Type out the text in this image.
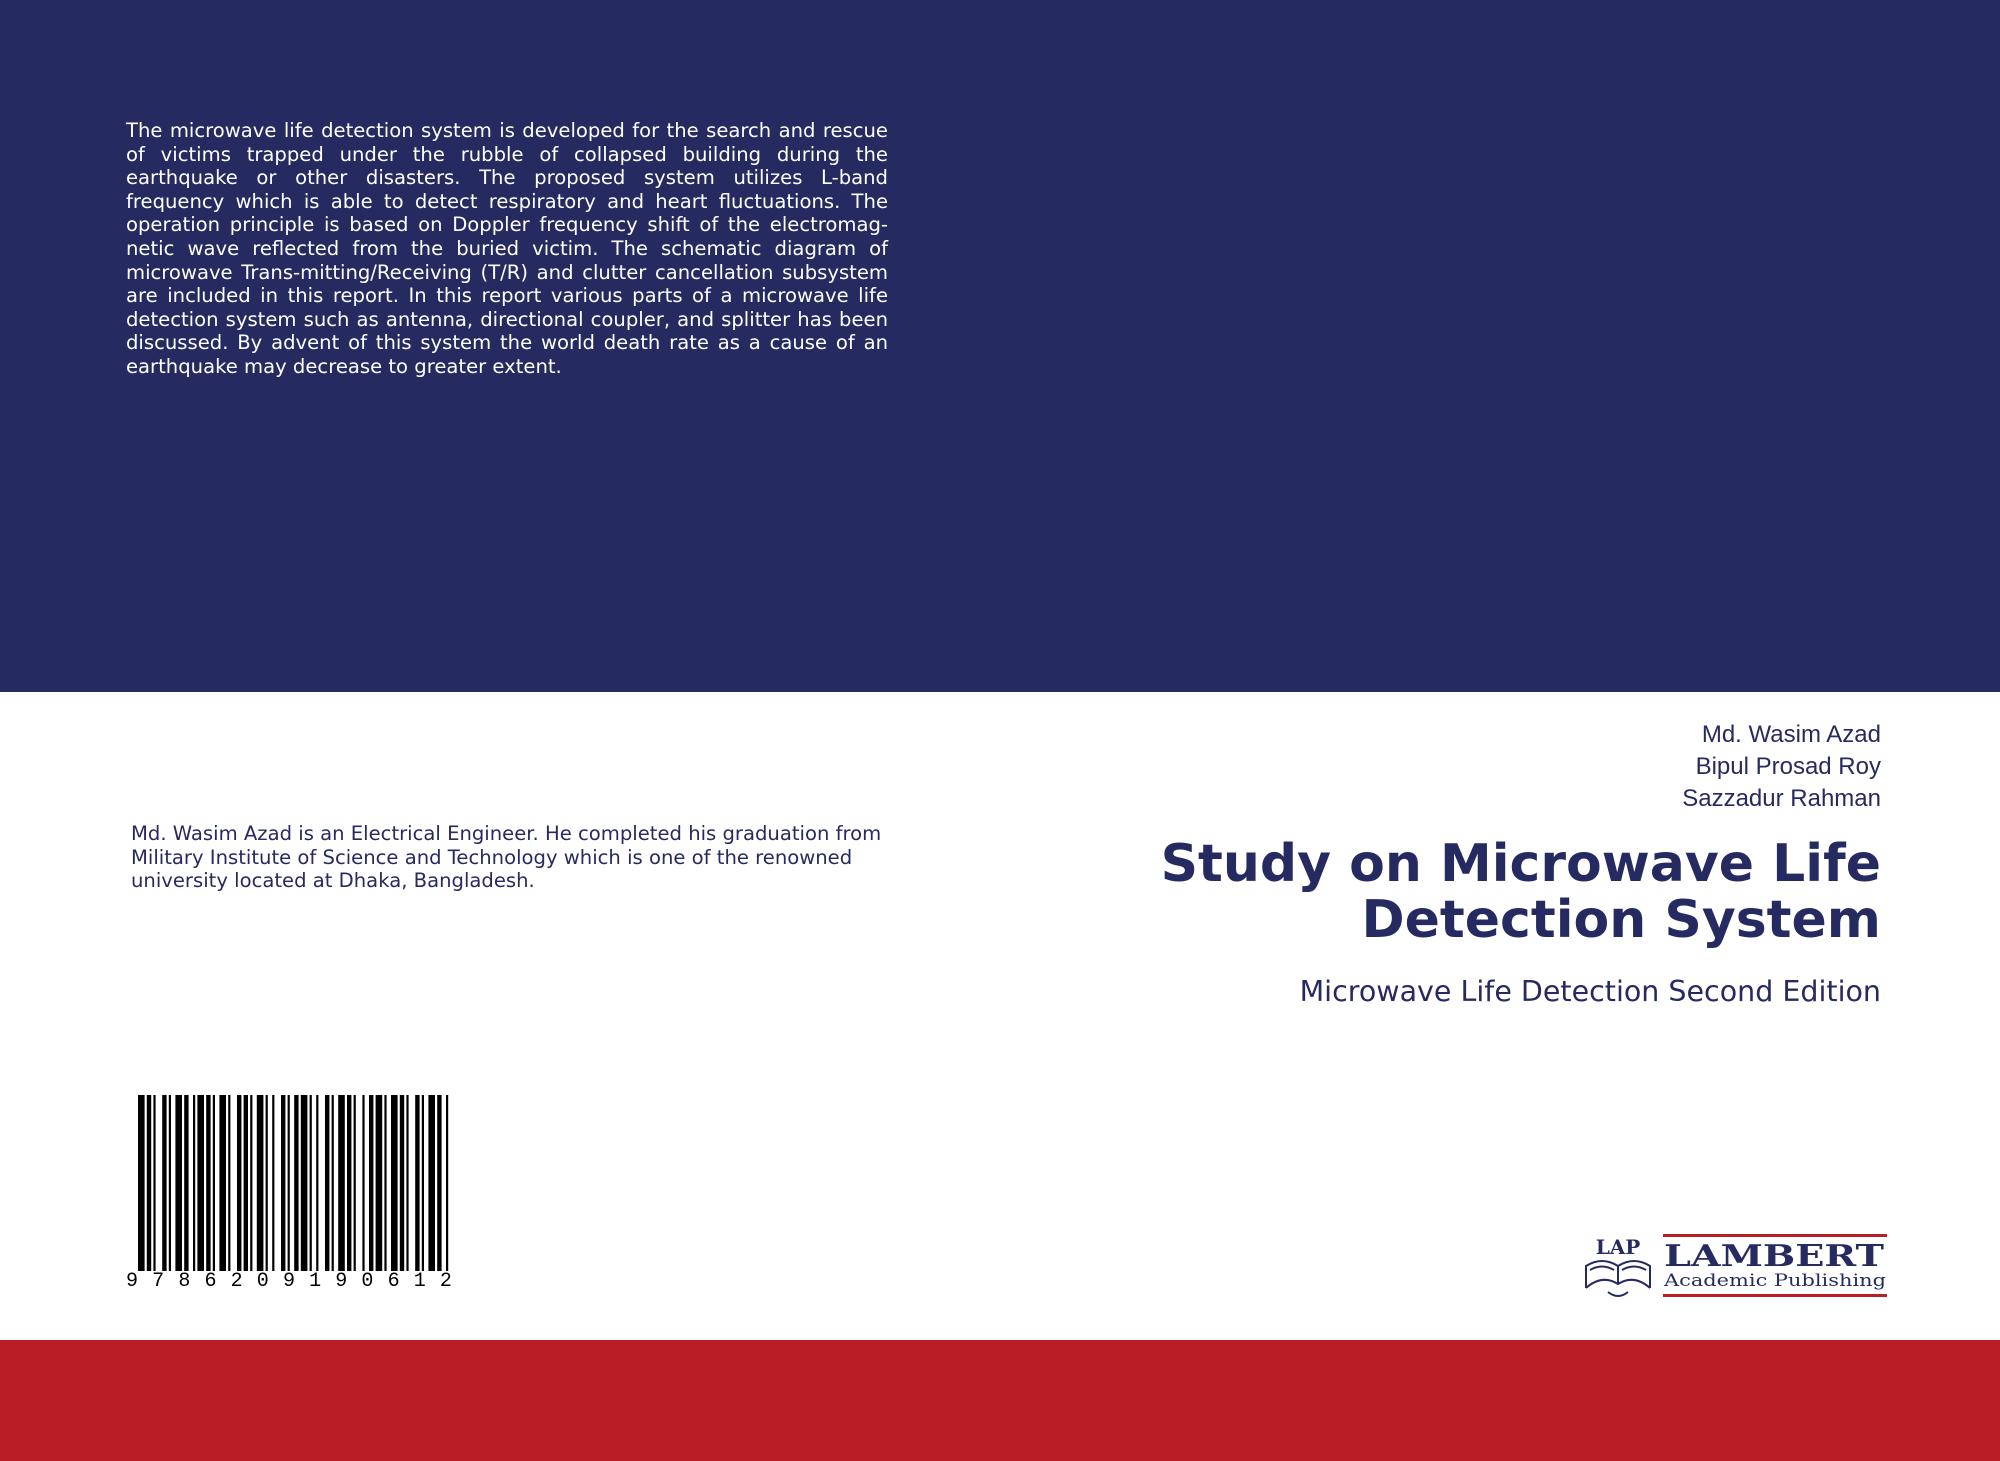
The microwave life detection system is developed for the search and rescue of victims trapped under the rubble of collapsed building during the earthquake or other disasters. The proposed system utilizes L-band frequency which is able to detect respiratory and heart fluctuations. The operation principle is based on Doppler frequency shift of the electromag-netic wave reflected from the buried victim. The schematic diagram of microwave Trans-mitting/Receiving (T/R) and clutter cancellation subsystem are included in this report. In this report various parts of a microwave life detection system such as antenna, directional coupler, and splitter has been discussed. By advent of this system the world death rate as a cause of an earthquake may decrease to greater extent.

Md. Wasim Azad is an Electrical Engineer. He completed his graduation from Military Institute of Science and Technology which is one of the renowned university located at Dhaka, Bangladesh.

Md. Wasim Azad
Bipul Prosad Roy
Sazzadur Rahman
Study on Microwave Life
Detection System
Microwave Life Detection Second Edition
9 7 8 6 2 0 9 1 9 0 6 1 2
LAP LAMBERT
Academic Publishing
